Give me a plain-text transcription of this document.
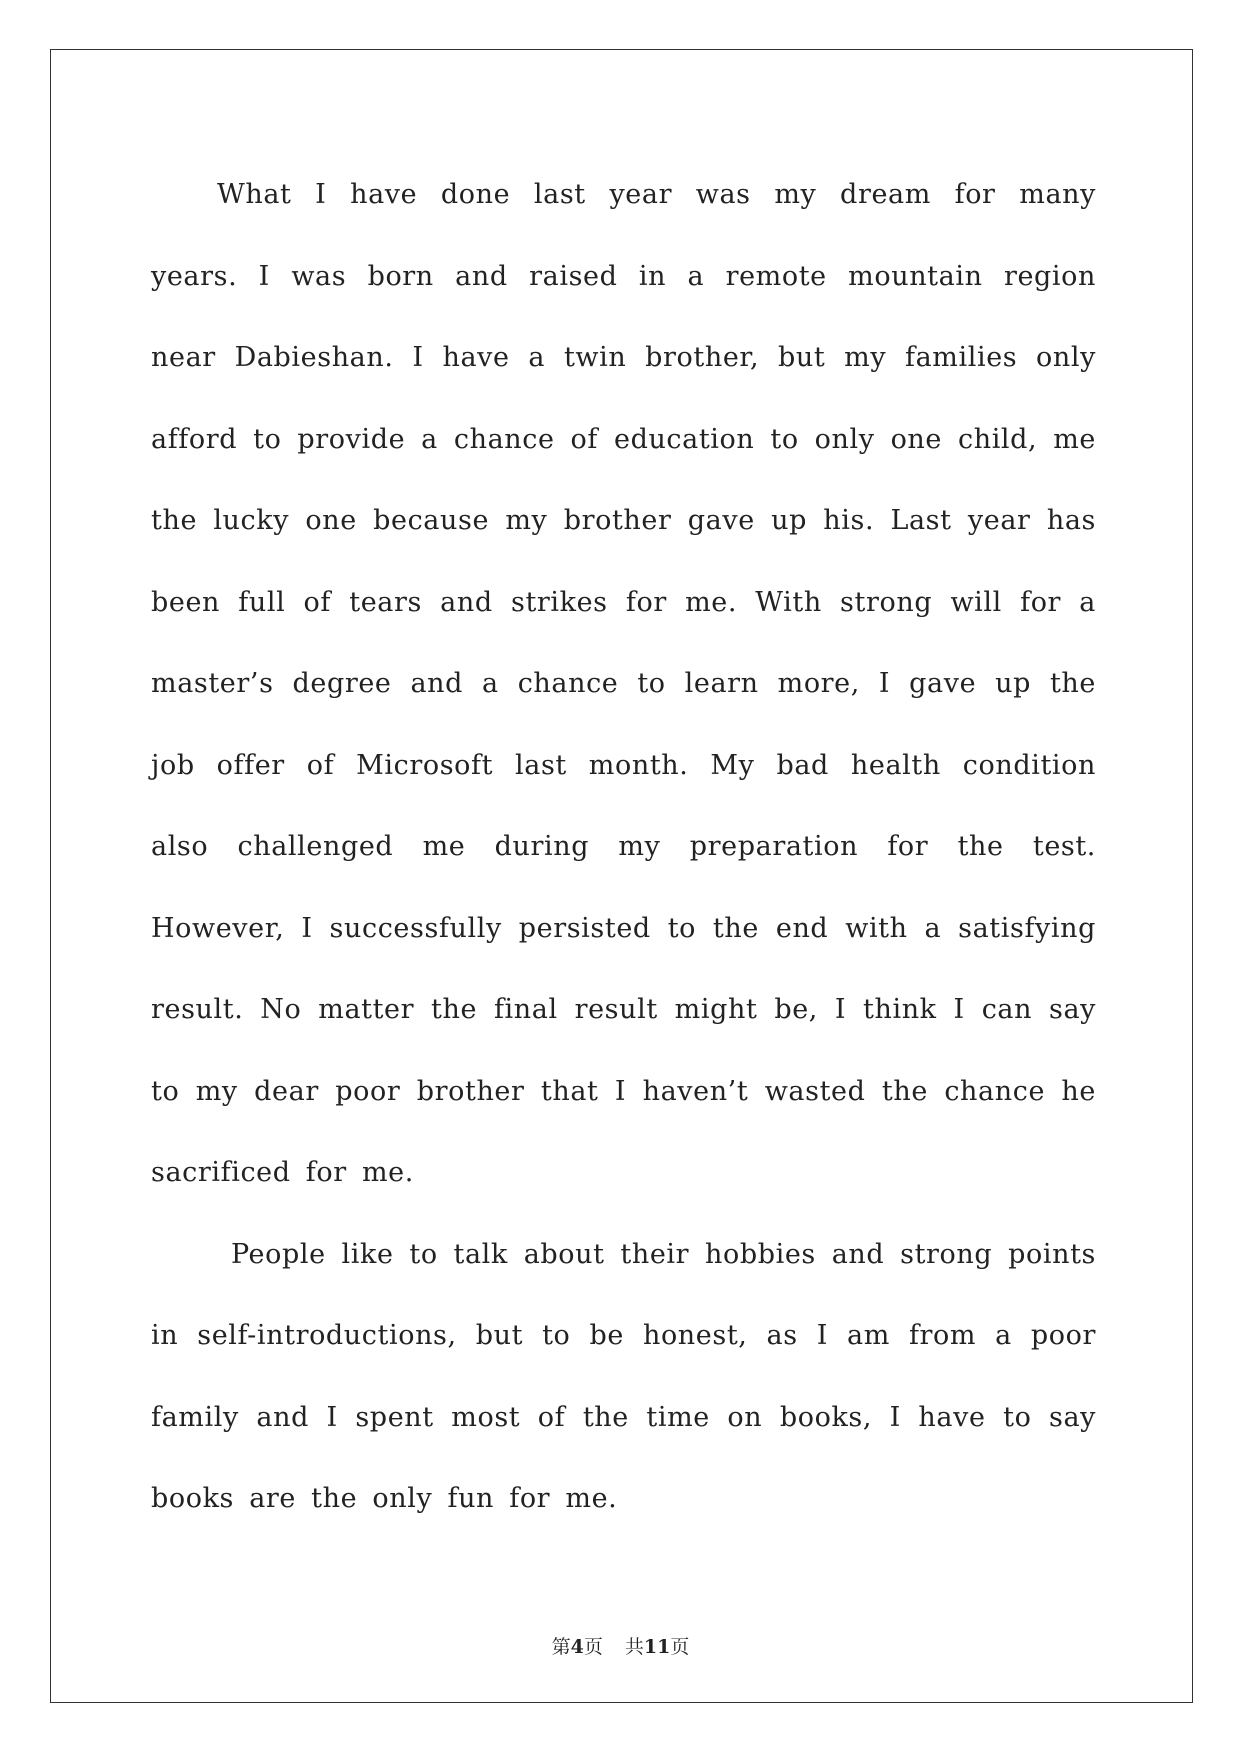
What I have done last year was my dream for many years. I was born and raised in a remote mountain region near Dabieshan. I have a twin brother, but my families only afford to provide a chance of education to only one child, me the lucky one because my brother gave up his. Last year has been full of tears and strikes for me. With strong will for a master’s degree and a chance to learn more, I gave up the job offer of Microsoft last month. My bad health condition also challenged me during my preparation for the test. However, I successfully persisted to the end with a satisfying result. No matter the final result might be, I think I can say to my dear poor brother that I haven’t wasted the chance he sacrificed for me.

People like to talk about their hobbies and strong points in self-introductions, but to be honest, as I am from a poor family and I spent most of the time on books, I have to say books are the only fun for me.

第4页 共11页
